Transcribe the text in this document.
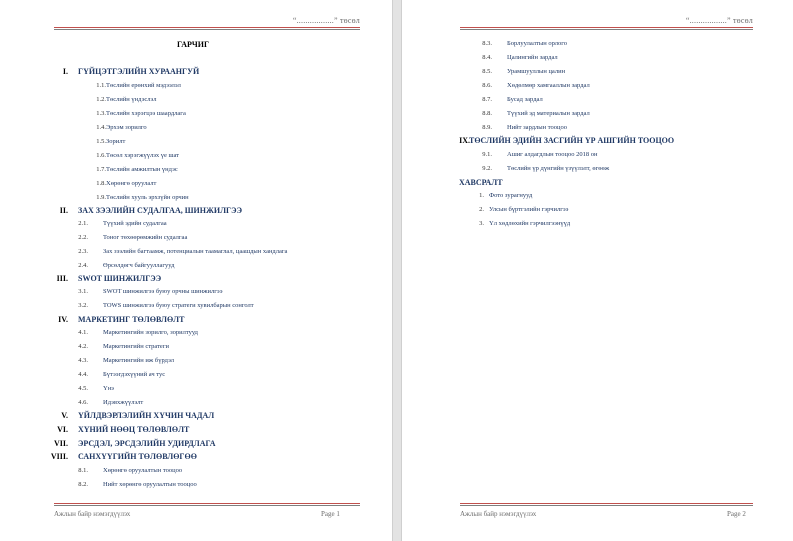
“.................” төсөл
ГАРЧИГ
I. ГҮЙЦЭТГЭЛИЙН ХУРААНГУЙ
1.1. Төслийн ерөнхий мэдээлэл
1.2. Төслийн үндэслэл
1.3. Төслийн хэрэгцээ шаардлага
1.4. Эрхэм зорилго
1.5. Зорилт
1.6. Төсөл хэрэгжүүлэх үе шат
1.7. Төслийн амжилтын үндэс
1.8. Хөрөнгө оруулалт
1.9. Төслийн хууль эрхзүйн орчин
II. ЗАХ ЗЭЭЛИЙН СУДАЛГАА, ШИНЖИЛГЭЭ
2.1. Түүхий эдийн судалгаа
2.2. Тоног төхөөрөмжийн судалгаа
2.3. Зах зээлийн багтаамж, потенциалын таамаглал, цаашдын хандлага
2.4. Өрсөлдөгч байгууллагууд
III. SWOT ШИНЖИЛГЭЭ
3.1. SWOT шинжилгээ буюу орчны шинжилгээ
3.2. TOWS шинжилгээ буюу стратеги хувилбарын сонголт
IV. МАРКЕТИНГ ТӨЛӨВЛӨЛТ
4.1. Маркетингийн зорилго, зорилтууд
4.2. Маркетингийн стратеги
4.3. Маркетингийн иж бүрдэл
4.4. Бүтээгдэхүүний ач тус
4.5. Үнэ
4.6. Идэвхжүүлэлт
V. ҮЙЛДВЭРЛЭЛИЙН ХҮЧИН ЧАДАЛ
VI. ХҮНИЙ НӨӨЦ ТӨЛӨВЛӨЛТ
VII. ЭРСДЭЛ, ЭРСДЭЛИЙН УДИРДЛАГА
VIII. САНХҮҮГИЙН ТӨЛӨВЛӨГӨӨ
8.1. Хөрөнгө оруулалтын тооцоо
8.2. Нийт хөрөнгө оруулалтын тооцоо
Ажлын байр нэмэгдүүлэх	Page 1
“.................” төсөл
8.3. Борлуулалтын орлого
8.4. Цалингийн зардал
8.5. Урамшууллын цалин
8.6. Хөдөлмөр хамгааллын зардал
8.7. Бусад зардал
8.8. Түүхий эд материалын зардал
8.9. Нийт зардлын тооцоо
IX. ТӨСЛИЙН ЭДИЙН ЗАСГИЙН ҮР АШГИЙН ТООЦОО
9.1. Ашиг алдагдлын тооцоо 2018 он
9.2. Төслийн үр дүнгийн үзүүлэлт, өгөөж
ХАВСРАЛТ
1. Фото зурагнууд
2. Улсын бүртгэлийн гэрчилгээ
3. Үл хөдлөхийн гэрчилгээнүүд
Ажлын байр нэмэгдүүлэх	Page 2
